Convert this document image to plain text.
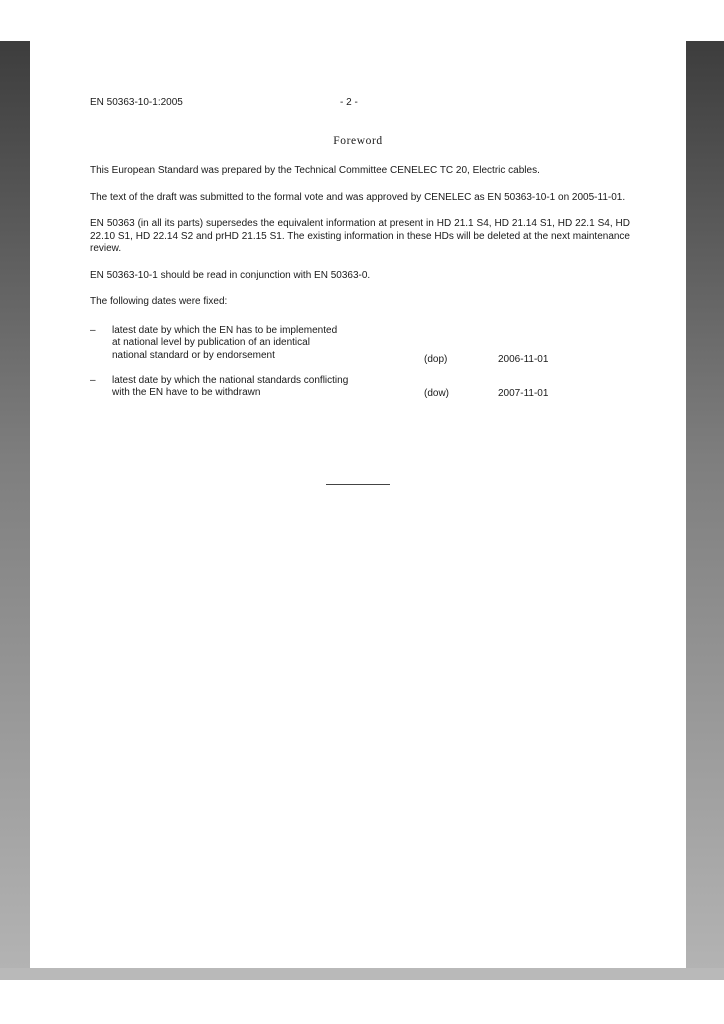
EN 50363-10-1:2005	- 2 -
Foreword

This European Standard was prepared by the Technical Committee CENELEC TC 20, Electric cables.

The text of the draft was submitted to the formal vote and was approved by CENELEC as EN 50363-10-1 on 2005-11-01.

EN 50363 (in all its parts) supersedes the equivalent information at present in HD 21.1 S4, HD 21.14 S1, HD 22.1 S4, HD 22.10 S1, HD 22.14 S2 and prHD 21.15 S1. The existing information in these HDs will be deleted at the next maintenance review.

EN 50363-10-1 should be read in conjunction with EN 50363-0.

The following dates were fixed:

– latest date by which the EN has to be implemented
at national level by publication of an identical
national standard or by endorsement	(dop)	2006-11-01
– latest date by which the national standards conflicting
with the EN have to be withdrawn	(dow)	2007-11-01
